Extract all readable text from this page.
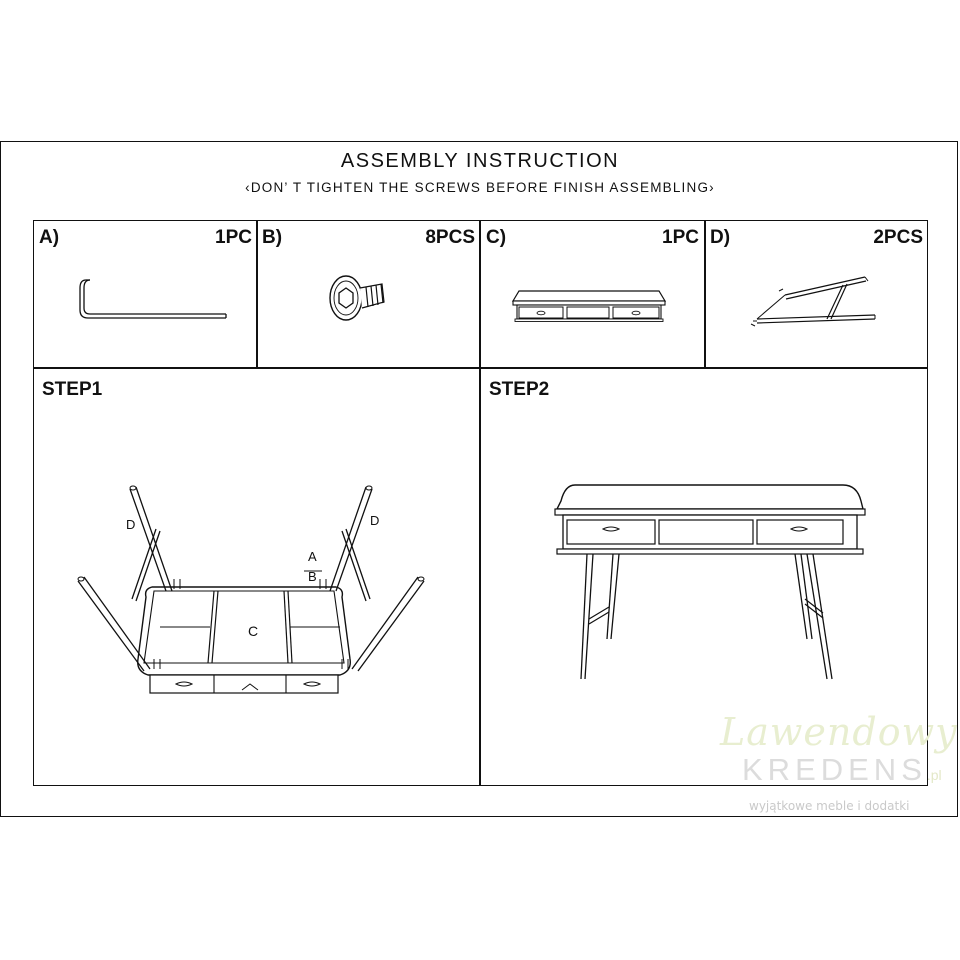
ASSEMBLY INSTRUCTION
‹DON’ T TIGHTEN THE SCREWS BEFORE FINISH ASSEMBLING›
A)	1PC B)	8PCS C)	1PC D)	2PCS
STEP1
D	D
A
B
C
STEP2
Lawendowy
KREDENS.pl
wyjątkowe meble i dodatki
